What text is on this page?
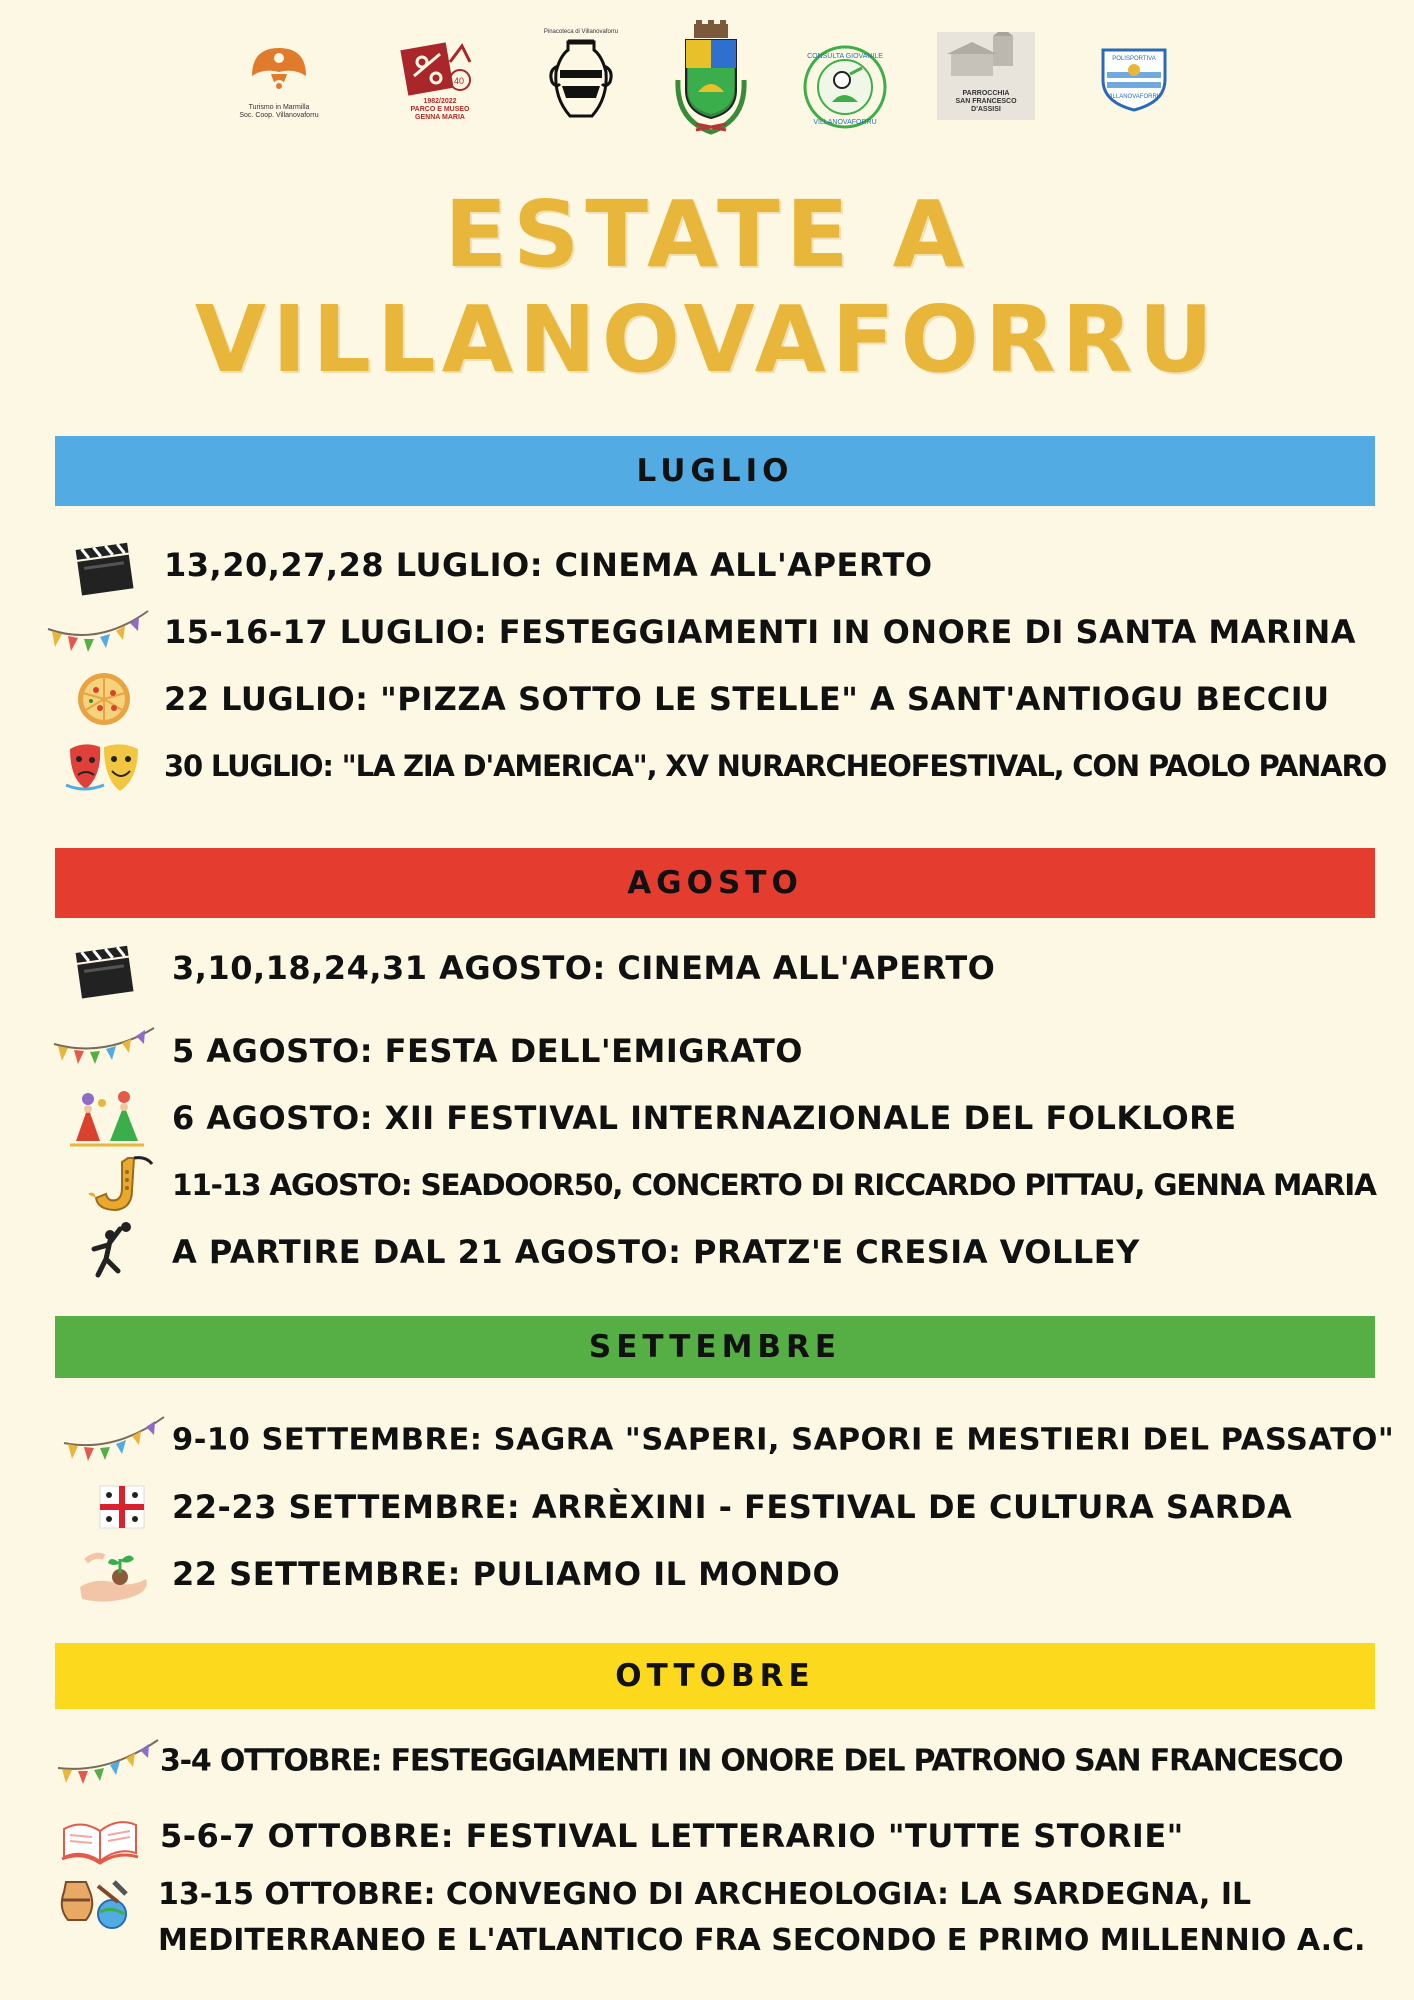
Turismo in Marmilla
Soc. Coop. Villanovaforru
40
1982/2022
PARCO E MUSEO
GENNA MARIA
Pinacoteca di Villanovaforru
CONSULTA GIOVANILE
VILLANOVAFORRU
PARROCCHIA
SAN FRANCESCO
D'ASSISI
POLISPORTIVA
VILLANOVAFORRU
ESTATE A
VILLANOVAFORRU
LUGLIO
AGOSTO
SETTEMBRE
OTTOBRE
13,20,27,28 LUGLIO: CINEMA ALL'APERTO
15-16-17 LUGLIO: FESTEGGIAMENTI IN ONORE DI SANTA MARINA
22 LUGLIO: "PIZZA SOTTO LE STELLE" A SANT'ANTIOGU BECCIU
30 LUGLIO: "LA ZIA D'AMERICA", XV NURARCHEOFESTIVAL, CON PAOLO PANARO
3,10,18,24,31 AGOSTO: CINEMA ALL'APERTO
5 AGOSTO: FESTA DELL'EMIGRATO
6 AGOSTO: XII FESTIVAL INTERNAZIONALE DEL FOLKLORE
11-13 AGOSTO: SEADOOR50, CONCERTO DI RICCARDO PITTAU, GENNA MARIA
A PARTIRE DAL 21 AGOSTO: PRATZ'E CRESIA VOLLEY
9-10 SETTEMBRE: SAGRA "SAPERI, SAPORI E MESTIERI DEL PASSATO"
22-23 SETTEMBRE: ARRÈXINI - FESTIVAL DE CULTURA SARDA
22 SETTEMBRE: PULIAMO IL MONDO
3-4 OTTOBRE: FESTEGGIAMENTI IN ONORE DEL PATRONO SAN FRANCESCO
5-6-7 OTTOBRE: FESTIVAL LETTERARIO "TUTTE STORIE"
13-15 OTTOBRE: CONVEGNO DI ARCHEOLOGIA: LA SARDEGNA, IL MEDITERRANEO E L'ATLANTICO FRA SECONDO E PRIMO MILLENNIO A.C.
